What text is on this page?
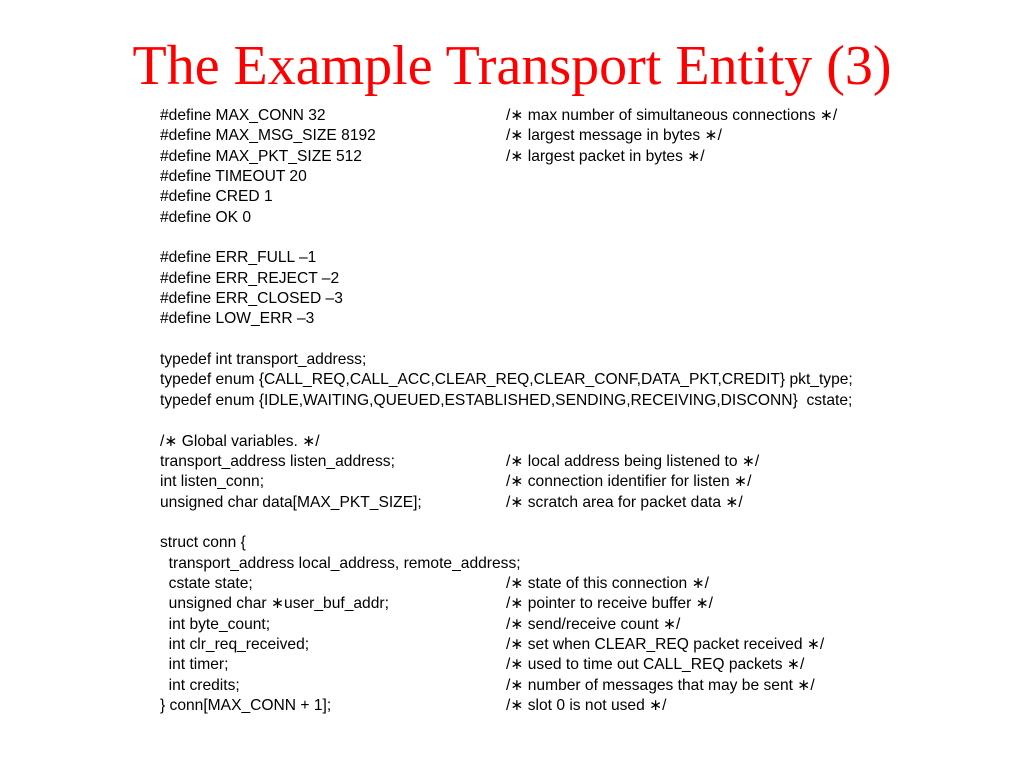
The Example Transport Entity (3)
#define MAX_CONN 32	/∗ max number of simultaneous connections ∗/
#define MAX_MSG_SIZE 8192	/∗ largest message in bytes ∗/
#define MAX_PKT_SIZE 512	/∗ largest packet in bytes ∗/
#define TIMEOUT 20
#define CRED 1
#define OK 0
#define ERR_FULL –1
#define ERR_REJECT –2
#define ERR_CLOSED –3
#define LOW_ERR –3
typedef int transport_address;
typedef enum {CALL_REQ,CALL_ACC,CLEAR_REQ,CLEAR_CONF,DATA_PKT,CREDIT} pkt_type;
typedef enum {IDLE,WAITING,QUEUED,ESTABLISHED,SENDING,RECEIVING,DISCONN}  cstate;
/∗ Global variables. ∗/
transport_address listen_address;	/∗ local address being listened to ∗/
int listen_conn;	/∗ connection identifier for listen ∗/
unsigned char data[MAX_PKT_SIZE];	/∗ scratch area for packet data ∗/
struct conn {
transport_address local_address, remote_address;
cstate state;	/∗ state of this connection ∗/
unsigned char ∗user_buf_addr;	/∗ pointer to receive buffer ∗/
int byte_count;	/∗ send/receive count ∗/
int clr_req_received;	/∗ set when CLEAR_REQ packet received ∗/
int timer;	/∗ used to time out CALL_REQ packets ∗/
int credits;	/∗ number of messages that may be sent ∗/
} conn[MAX_CONN + 1];	/∗ slot 0 is not used ∗/
